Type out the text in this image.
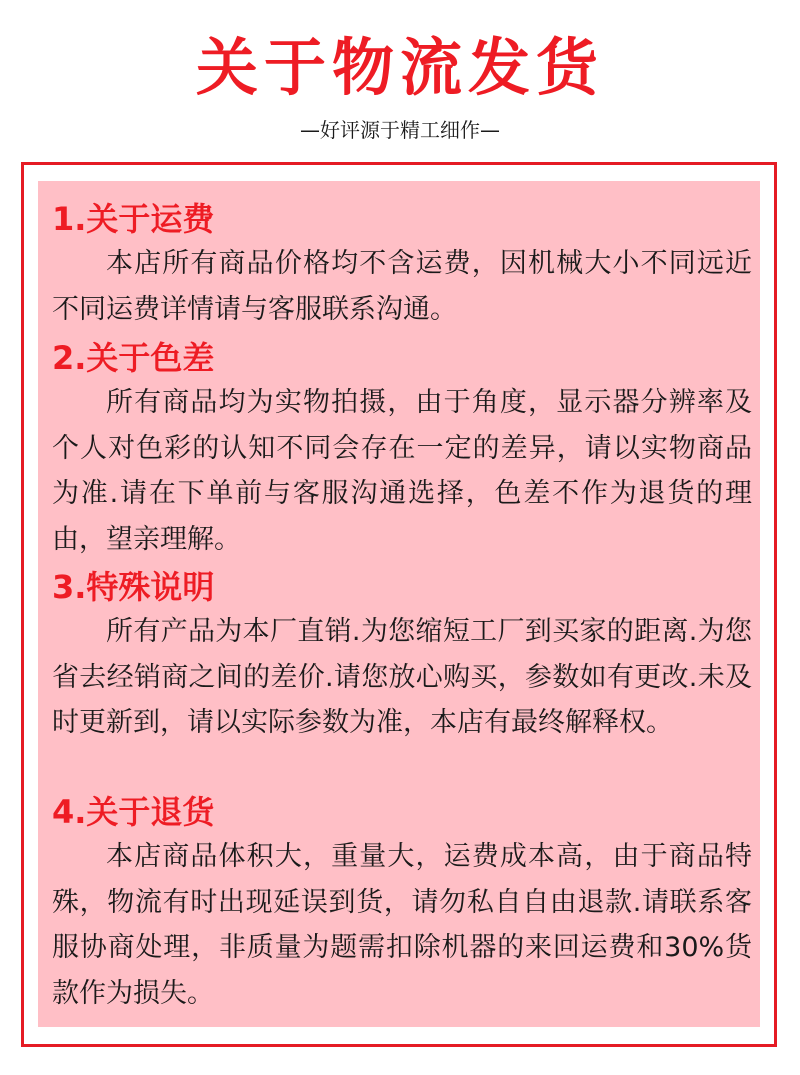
关于物流发货
—好评源于精工细作—
1.关于运费
本店所有商品价格均不含运费，因机械大小不同远近不同运费详情请与客服联系沟通。
2.关于色差
所有商品均为实物拍摄，由于角度，显示器分辨率及个人对色彩的认知不同会存在一定的差异，请以实物商品为准.请在下单前与客服沟通选择，色差不作为退货的理由，望亲理解。
3.特殊说明
所有产品为本厂直销.为您缩短工厂到买家的距离.为您省去经销商之间的差价.请您放心购买，参数如有更改.未及时更新到，请以实际参数为准，本店有最终解释权。
4.关于退货
本店商品体积大，重量大，运费成本高，由于商品特殊，物流有时出现延误到货，请勿私自自由退款.请联系客服协商处理，非质量为题需扣除机器的来回运费和30%货款作为损失。
